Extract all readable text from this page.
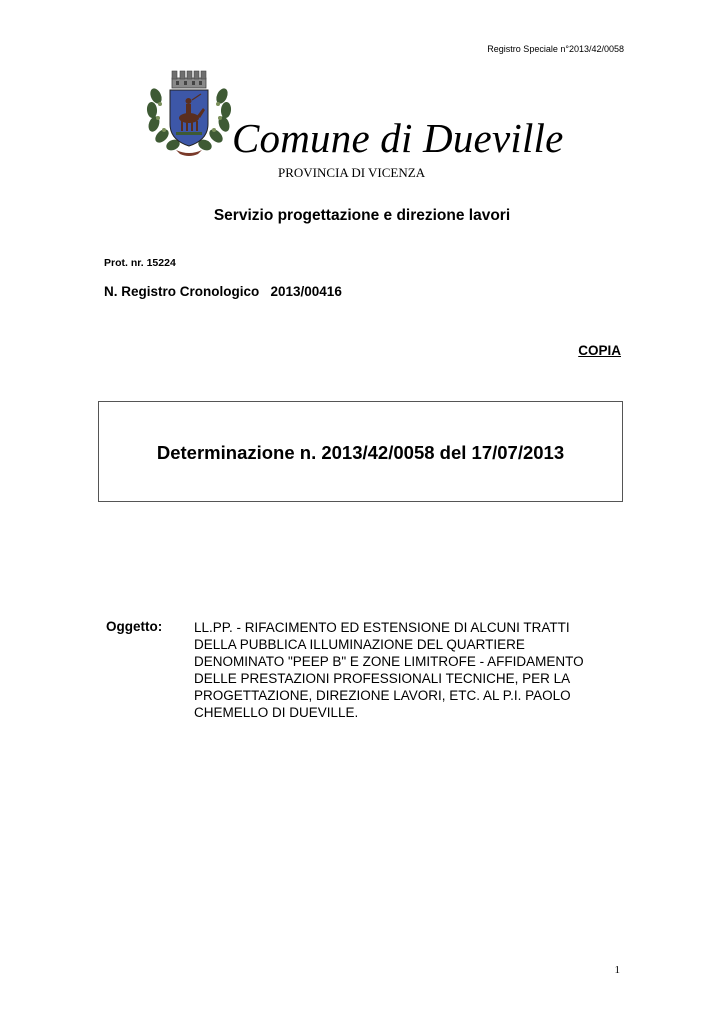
Registro Speciale n°2013/42/0058
Comune di Dueville
PROVINCIA DI VICENZA
Servizio progettazione e direzione lavori
Prot. nr. 15224
N. Registro Cronologico   2013/00416
COPIA
Determinazione n. 2013/42/0058 del 17/07/2013
Oggetto: LL.PP. - RIFACIMENTO ED ESTENSIONE DI ALCUNI TRATTI
DELLA PUBBLICA ILLUMINAZIONE DEL QUARTIERE
DENOMINATO "PEEP B" E ZONE LIMITROFE - AFFIDAMENTO
DELLE PRESTAZIONI PROFESSIONALI TECNICHE, PER LA
PROGETTAZIONE, DIREZIONE LAVORI, ETC. AL P.I. PAOLO
CHEMELLO DI DUEVILLE.
1
